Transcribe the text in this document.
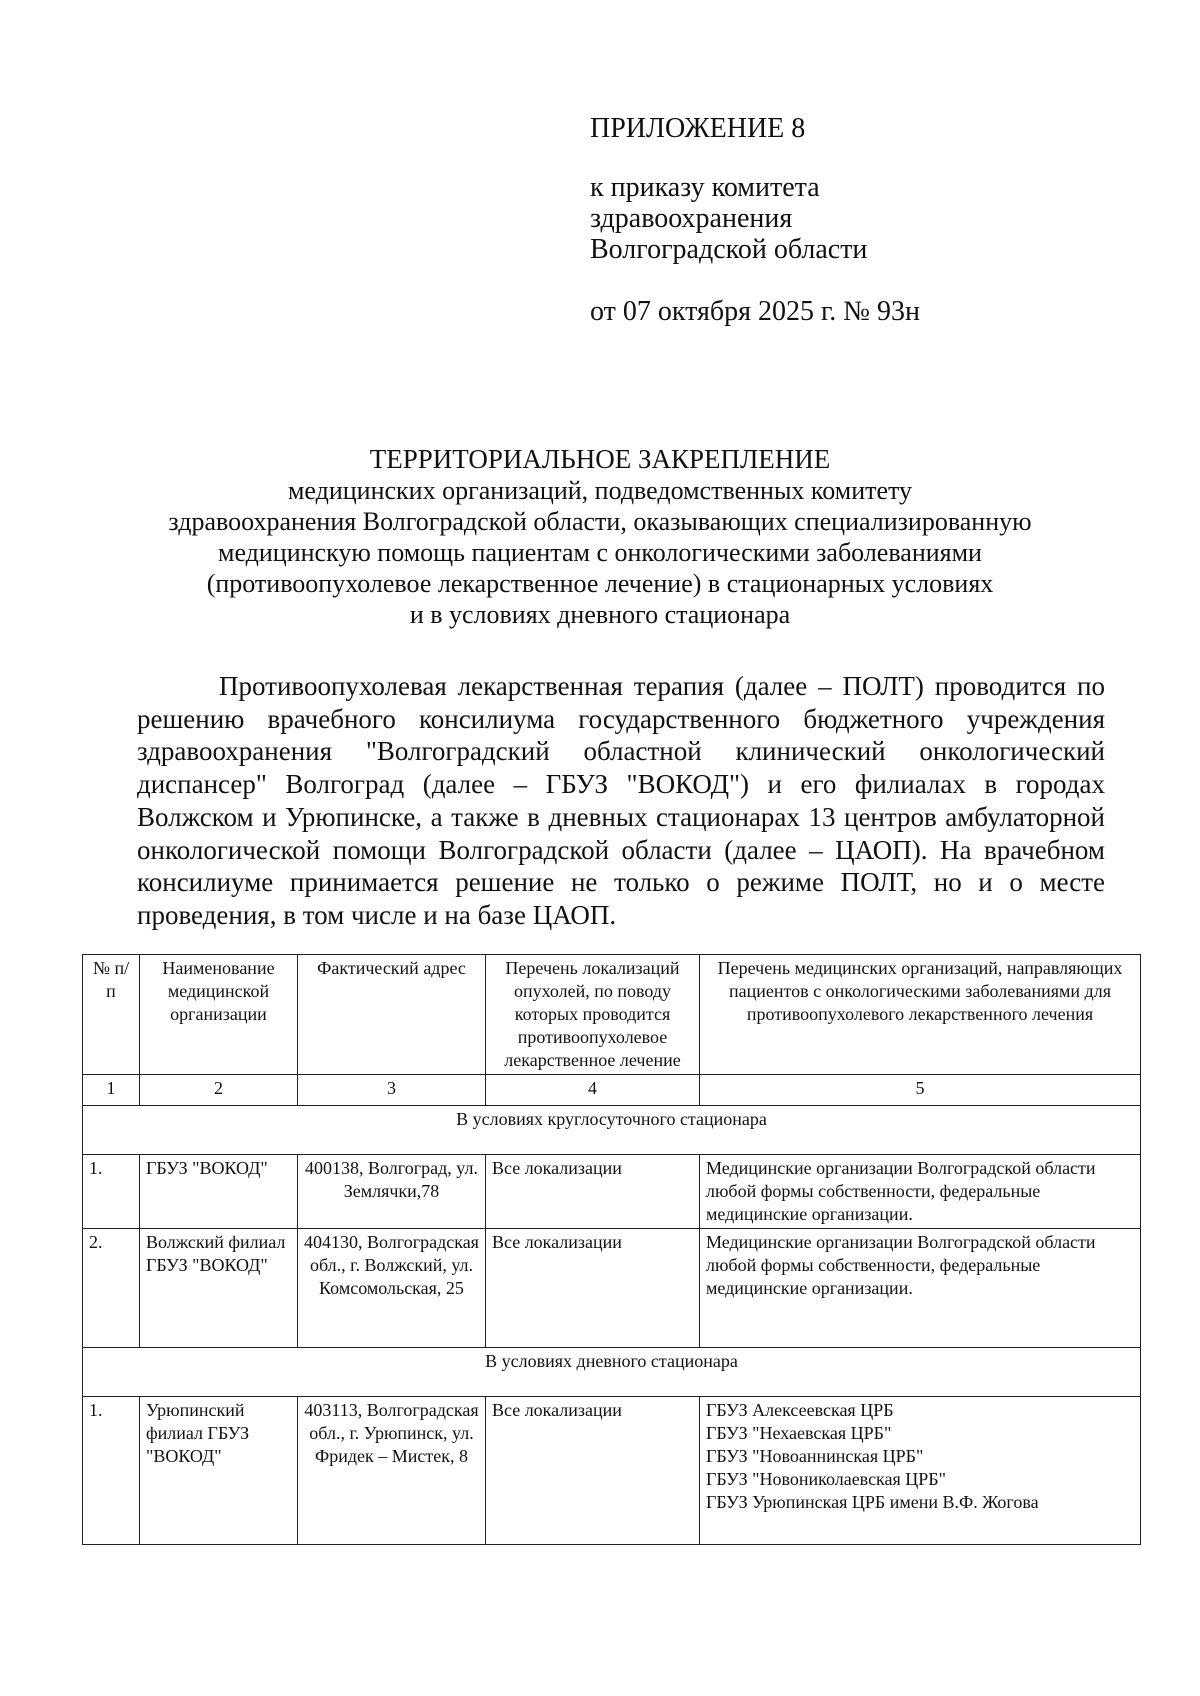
ПРИЛОЖЕНИЕ 8
к приказу комитета
здравоохранения
Волгоградской области
от 07 октября 2025 г. № 93н
ТЕРРИТОРИАЛЬНОЕ ЗАКРЕПЛЕНИЕ
медицинских организаций, подведомственных комитету
здравоохранения Волгоградской области, оказывающих специализированную
медицинскую помощь пациентам с онкологическими заболеваниями
(противоопухолевое лекарственное лечение) в стационарных условиях
и в условиях дневного стационара

Противоопухолевая лекарственная терапия (далее – ПОЛТ) проводится по решению врачебного консилиума государственного бюджетного учреждения здравоохранения "Волгоградский областной клинический онкологический диспансер" Волгоград (далее – ГБУЗ "ВОКОД") и его филиалах в городах Волжском и Урюпинске, а также в дневных стационарах 13 центров амбулаторной онкологической помощи Волгоградской области (далее – ЦАОП). На врачебном консилиуме принимается решение не только о режиме ПОЛТ, но и о месте проведения, в том числе и на базе ЦАОП.

№ п/п	Наименование медицинской организации	Фактический адрес	Перечень локализаций опухолей, по поводу которых проводится противоопухолевое лекарственное лечение	Перечень медицинских организаций, направляющих пациентов с онкологическими заболеваниями для противоопухолевого лекарственного лечения
1	2	3	4	5
В условиях круглосуточного стационара				
1.	ГБУЗ "ВОКОД"	400138, Волгоград, ул. Землячки,78	Все локализации	Медицинские организации Волгоградской области любой формы собственности, федеральные медицинские организации.
2.	Волжский филиал ГБУЗ "ВОКОД"	404130, Волгоградская обл., г. Волжский, ул. Комсомольская, 25	Все локализации	Медицинские организации Волгоградской области любой формы собственности, федеральные медицинские организации.
В условиях дневного стационара				
1.	Урюпинский филиал ГБУЗ "ВОКОД"	403113, Волгоградская обл., г. Урюпинск, ул. Фридек – Мистек, 8	Все локализации	ГБУЗ Алексеевская ЦРБ
ГБУЗ "Нехаевская ЦРБ"
ГБУЗ "Новоаннинская ЦРБ"
ГБУЗ "Новониколаевская ЦРБ"
ГБУЗ Урюпинская ЦРБ имени В.Ф. Жогова
